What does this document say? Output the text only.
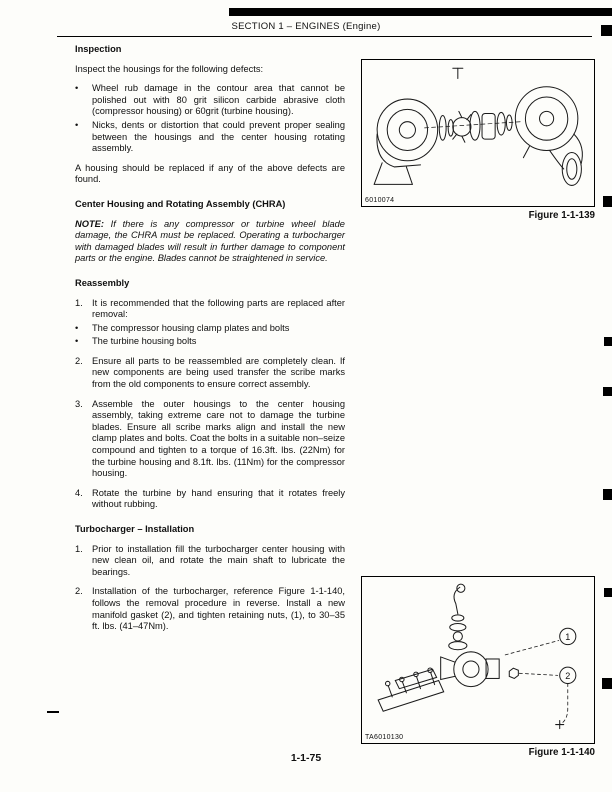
SECTION 1 – ENGINES (Engine)
Inspection

Inspect the housings for the following defects:

•	Wheel rub damage in the contour area that cannot be polished out with 80 grit silicon carbide abrasive cloth (compressor housing) or 60grit (turbine housing).
•	Nicks, dents or distortion that could prevent proper sealing between the housings and the center housing rotating assembly.

A housing should be replaced if any of the above defects are found.

Center Housing and Rotating Assembly (CHRA)

NOTE: If there is any compressor or turbine wheel blade damage, the CHRA must be replaced. Operating a turbocharger with damaged blades will result in further damage to component parts or the engine. Blades cannot be straightened in service.

Reassembly
1. It is recommended that the following parts are replaced after removal:
•	The compressor housing clamp plates and bolts
•	The turbine housing bolts
2. Ensure all parts to be reassembled are completely clean. If new components are being used transfer the scribe marks from the old components to ensure correct assembly.
3. Assemble the outer housings to the center housing assembly, taking extreme care not to damage the turbine blades. Ensure all scribe marks align and install the new clamp plates and bolts. Coat the bolts in a suitable non–seize compound and tighten to a torque of 16.3ft. lbs. (22Nm) for the turbine housing and 8.1ft. lbs. (11Nm) for the compressor housing.
4. Rotate the turbine by hand ensuring that it rotates freely without rubbing.
Turbocharger – Installation
1. Prior to installation fill the turbocharger center housing with new clean oil, and rotate the main shaft to lubricate the bearings.
2. Installation of the turbocharger, reference Figure 1-1-140, follows the removal procedure in reverse. Install a new manifold gasket (2), and tighten retaining nuts, (1), to 30–35 ft. lbs. (41–47Nm).
6010074
Figure 1-1-139
1
2
TA6010130
Figure 1-1-140
1-1-75
